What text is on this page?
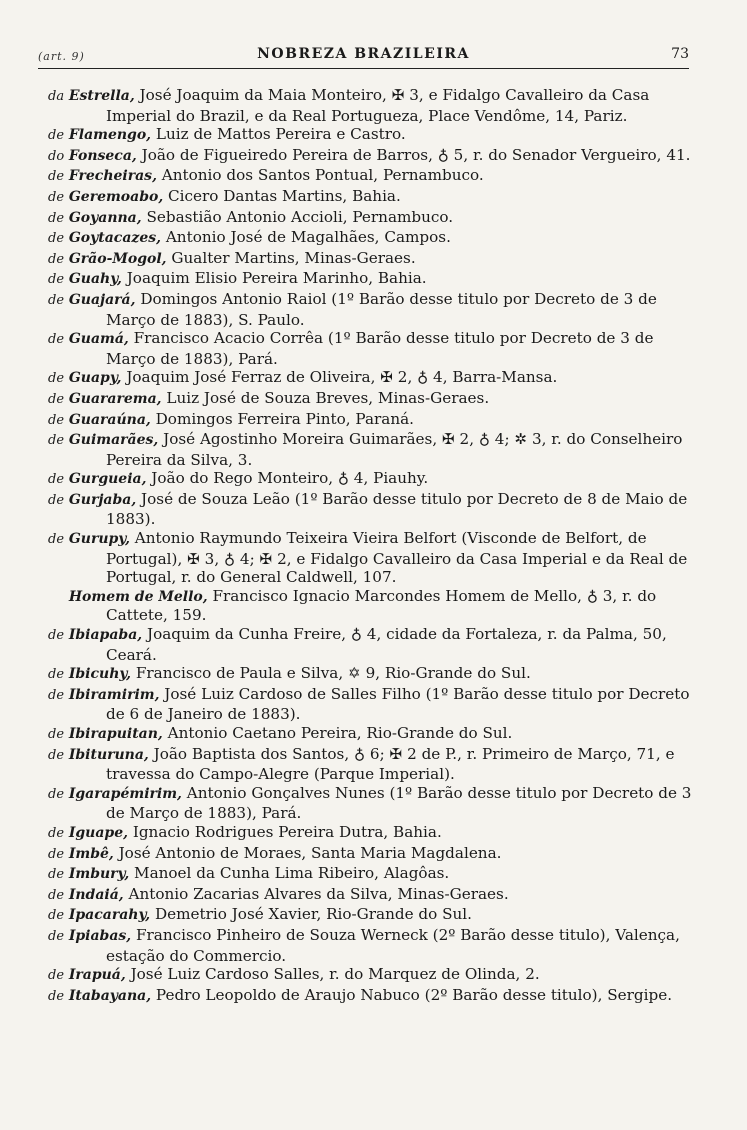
(art. 9)	NOBREZA BRAZILEIRA	73

da Estrella, José Joaquim da Maia Monteiro, ✠ 3, e Fidalgo Cavalleiro da Casa Imperial do Brazil, e da Real Portugueza, Place Vendôme, 14, Pariz.

de Flamengo, Luiz de Mattos Pereira e Castro.

do Fonseca, João de Figueiredo Pereira de Barros, ♁ 5, r. do Senador Vergueiro, 41.

de Frecheiras, Antonio dos Santos Pontual, Pernambuco.

de Geremoabo, Cicero Dantas Martins, Bahia.

de Goyanna, Sebastião Antonio Accioli, Pernambuco.

de Goytacazes, Antonio José de Magalhães, Campos.

de Grão-Mogol, Gualter Martins, Minas-Geraes.

de Guahy, Joaquim Elisio Pereira Marinho, Bahia.

de Guajará, Domingos Antonio Raiol (1º Barão desse titulo por Decreto de 3 de Março de 1883), S. Paulo.

de Guamá, Francisco Acacio Corrêa (1º Barão desse titulo por Decreto de 3 de Março de 1883), Pará.

de Guapy, Joaquim José Ferraz de Oliveira, ✠ 2, ♁ 4, Barra-Mansa.

de Guararema, Luiz José de Souza Breves, Minas-Geraes.

de Guaraúna, Domingos Ferreira Pinto, Paraná.

de Guimarães, José Agostinho Moreira Guimarães, ✠ 2, ♁ 4; ✲ 3, r. do Conselheiro Pereira da Silva, 3.

de Gurgueia, João do Rego Monteiro, ♁ 4, Piauhy.

de Gurjaba, José de Souza Leão (1º Barão desse titulo por Decreto de 8 de Maio de 1883).

de Gurupy, Antonio Raymundo Teixeira Vieira Belfort (Visconde de Belfort, de Portugal), ✠ 3, ♁ 4; ✠ 2, e Fidalgo Cavalleiro da Casa Imperial e da Real de Portugal, r. do General Caldwell, 107.

Homem de Mello, Francisco Ignacio Marcondes Homem de Mello, ♁ 3, r. do Cattete, 159.

de Ibiapaba, Joaquim da Cunha Freire, ♁ 4, cidade da Fortaleza, r. da Palma, 50, Ceará.

de Ibicuhy, Francisco de Paula e Silva, ✡ 9, Rio-Grande do Sul.

de Ibiramirim, José Luiz Cardoso de Salles Filho (1º Barão desse titulo por Decreto de 6 de Janeiro de 1883).

de Ibirapuitan, Antonio Caetano Pereira, Rio-Grande do Sul.

de Ibituruna, João Baptista dos Santos, ♁ 6; ✠ 2 de P., r. Primeiro de Março, 71, e travessa do Campo-Alegre (Parque Imperial).

de Igarapémirim, Antonio Gonçalves Nunes (1º Barão desse titulo por Decreto de 3 de Março de 1883), Pará.

de Iguape, Ignacio Rodrigues Pereira Dutra, Bahia.

de Imbê, José Antonio de Moraes, Santa Maria Magdalena.

de Imbury, Manoel da Cunha Lima Ribeiro, Alagôas.

de Indaiá, Antonio Zacarias Alvares da Silva, Minas-Geraes.

de Ipacarahy, Demetrio José Xavier, Rio-Grande do Sul.

de Ipiabas, Francisco Pinheiro de Souza Werneck (2º Barão desse titulo), Valença, estação do Commercio.

de Irapuá, José Luiz Cardoso Salles, r. do Marquez de Olinda, 2.

de Itabayana, Pedro Leopoldo de Araujo Nabuco (2º Barão desse titulo), Sergipe.
